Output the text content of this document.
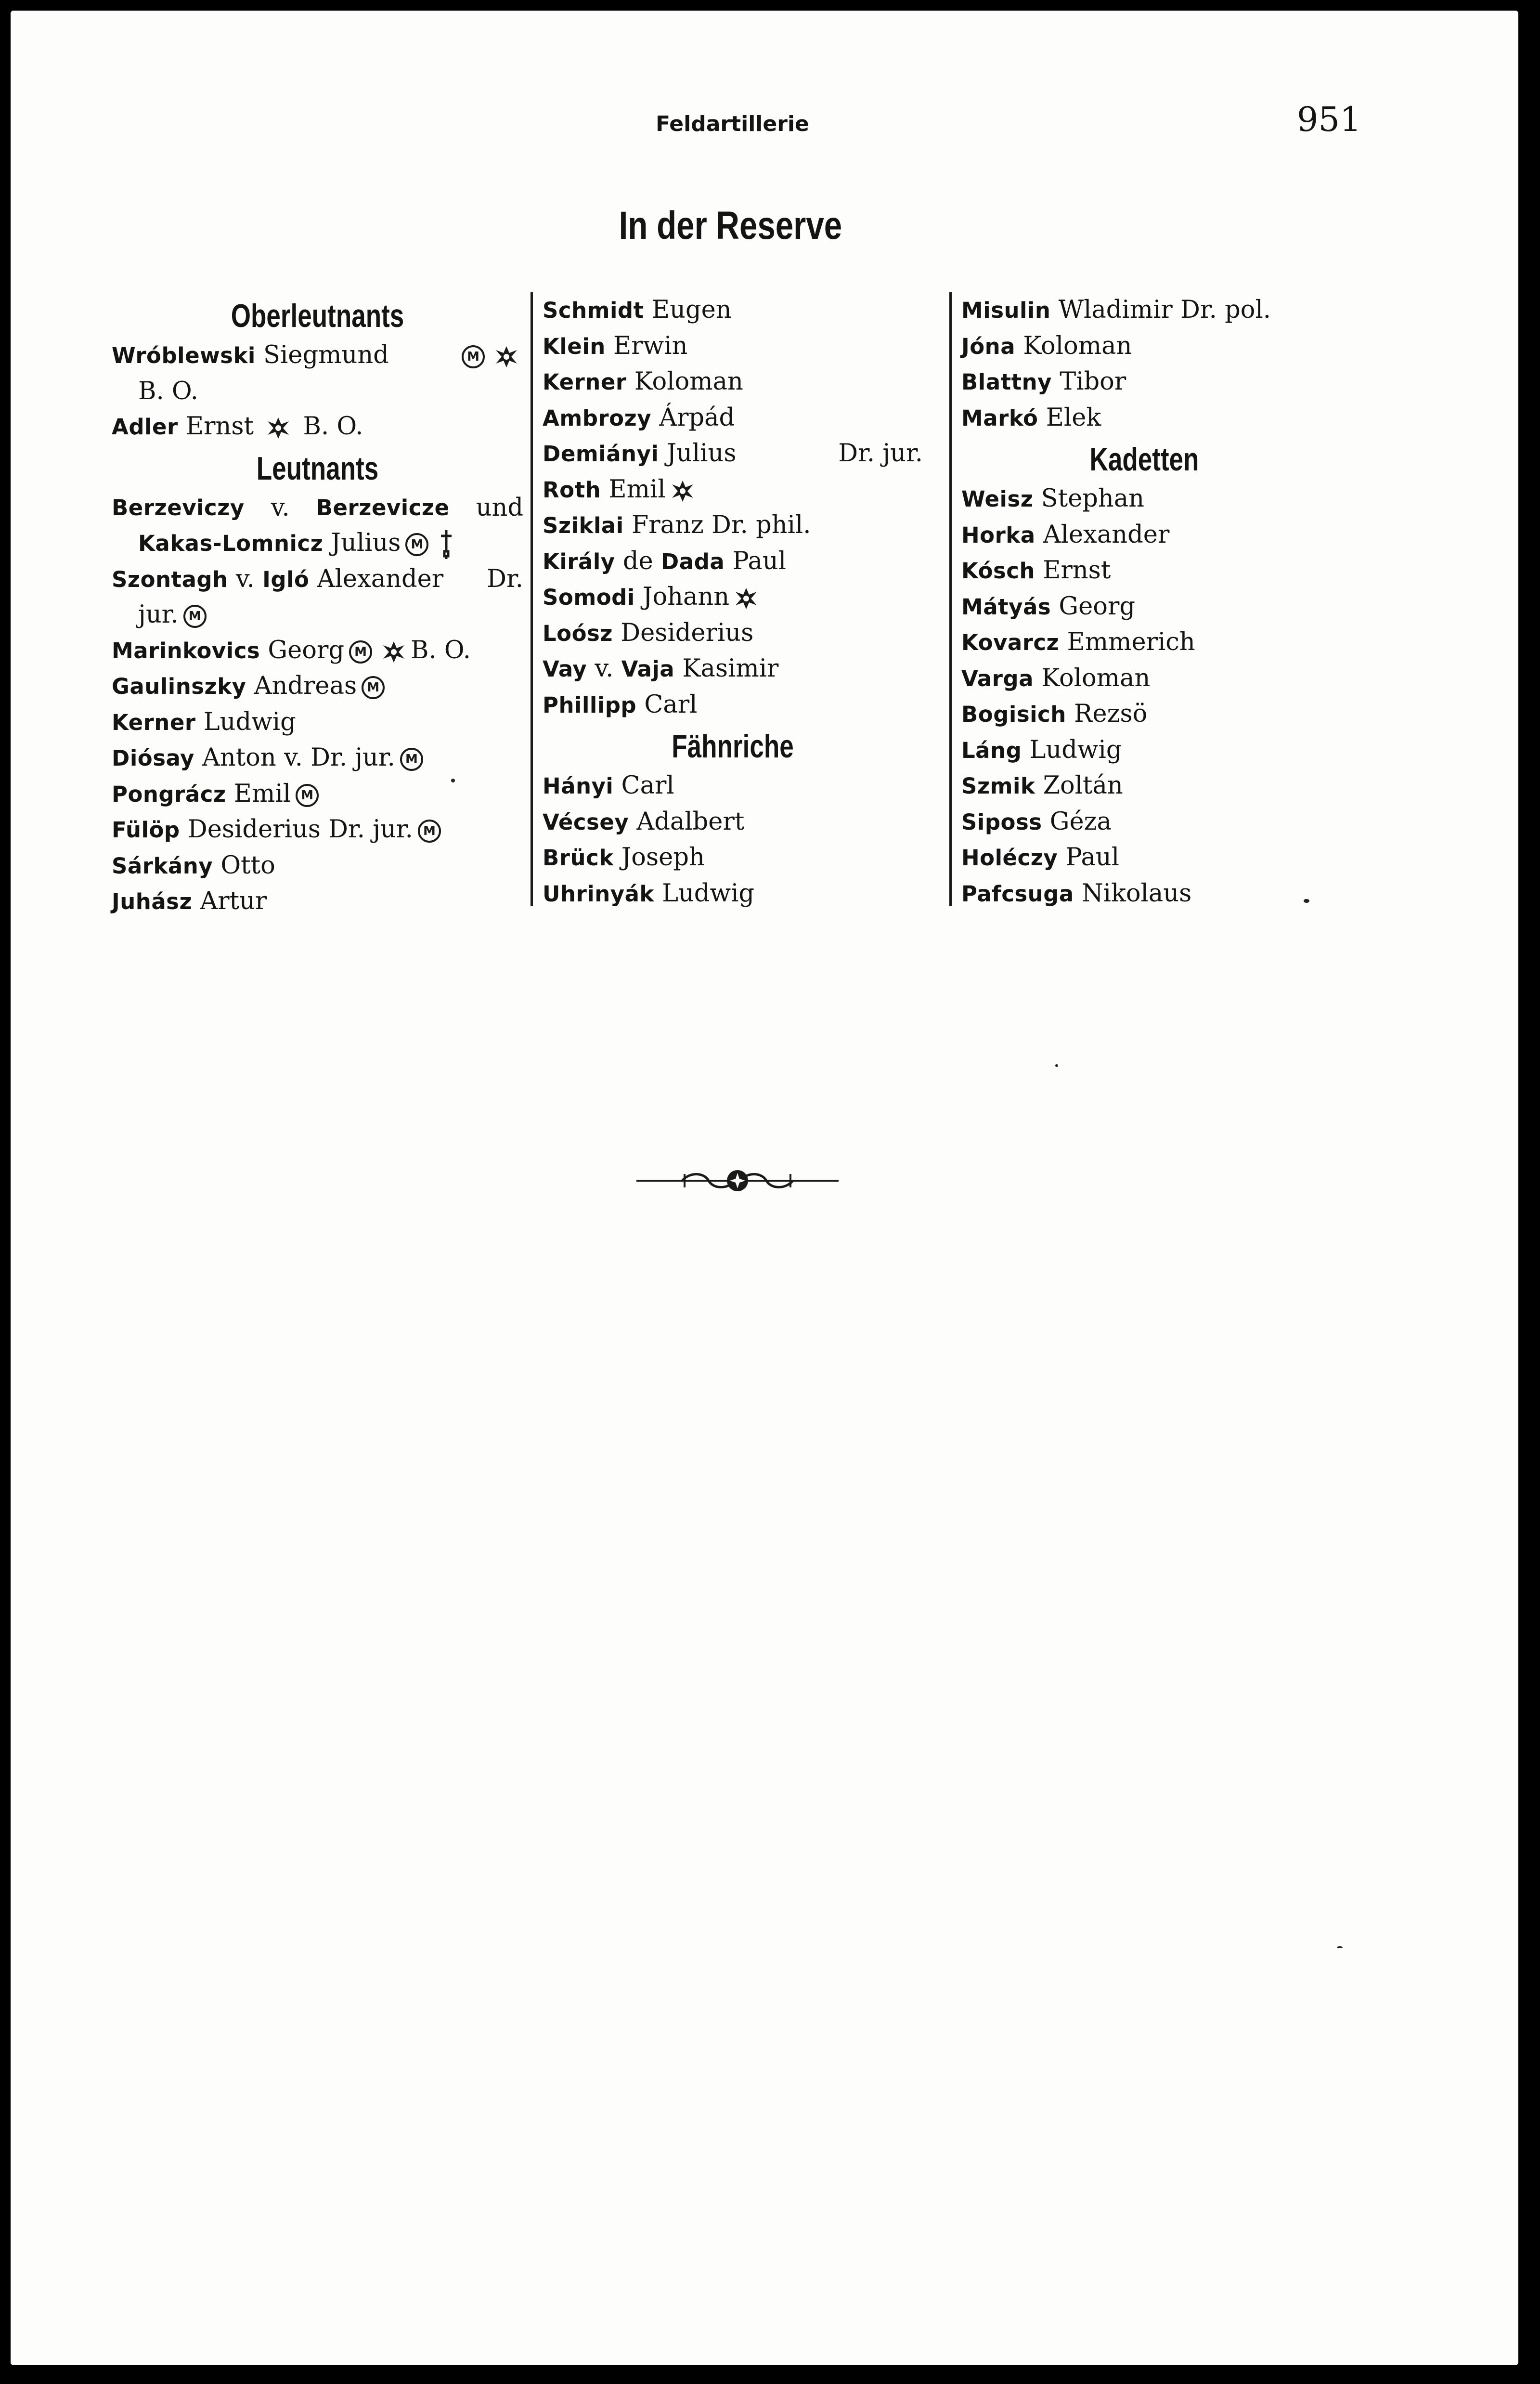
Feldartillerie	951
In der Reserve
Oberleutnants
Wróblewski Siegmund	M
B. O.
Adler Ernst B. O.
Leutnants
Berzeviczy v. Berzevicze und
Kakas-Lomnicz Julius M
Szontagh v. Igló Alexander Dr.
jur. M
Marinkovics Georg M B. O.
Gaulinszky Andreas M
Kerner Ludwig
Diósay Anton v. Dr. jur. M
Pongrácz Emil M
Fülöp Desiderius Dr. jur. M
Sárkány Otto
Juhász Artur
Schmidt Eugen
Klein Erwin
Kerner Koloman
Ambrozy Árpád
Demiányi Julius	Dr. jur.
Roth Emil
Sziklai Franz Dr. phil.
Király de Dada Paul
Somodi Johann
Loósz Desiderius
Vay v. Vaja Kasimir
Phillipp Carl
Fähnriche
Hányi Carl
Vécsey Adalbert
Brück Joseph
Uhrinyák Ludwig
Misulin Wladimir Dr. pol.
Jóna Koloman
Blattny Tibor
Markó Elek
Kadetten
Weisz Stephan
Horka Alexander
Kósch Ernst
Mátyás Georg
Kovarcz Emmerich
Varga Koloman
Bogisich Rezsö
Láng Ludwig
Szmik Zoltán
Siposs Géza
Holéczy Paul
Pafcsuga Nikolaus
